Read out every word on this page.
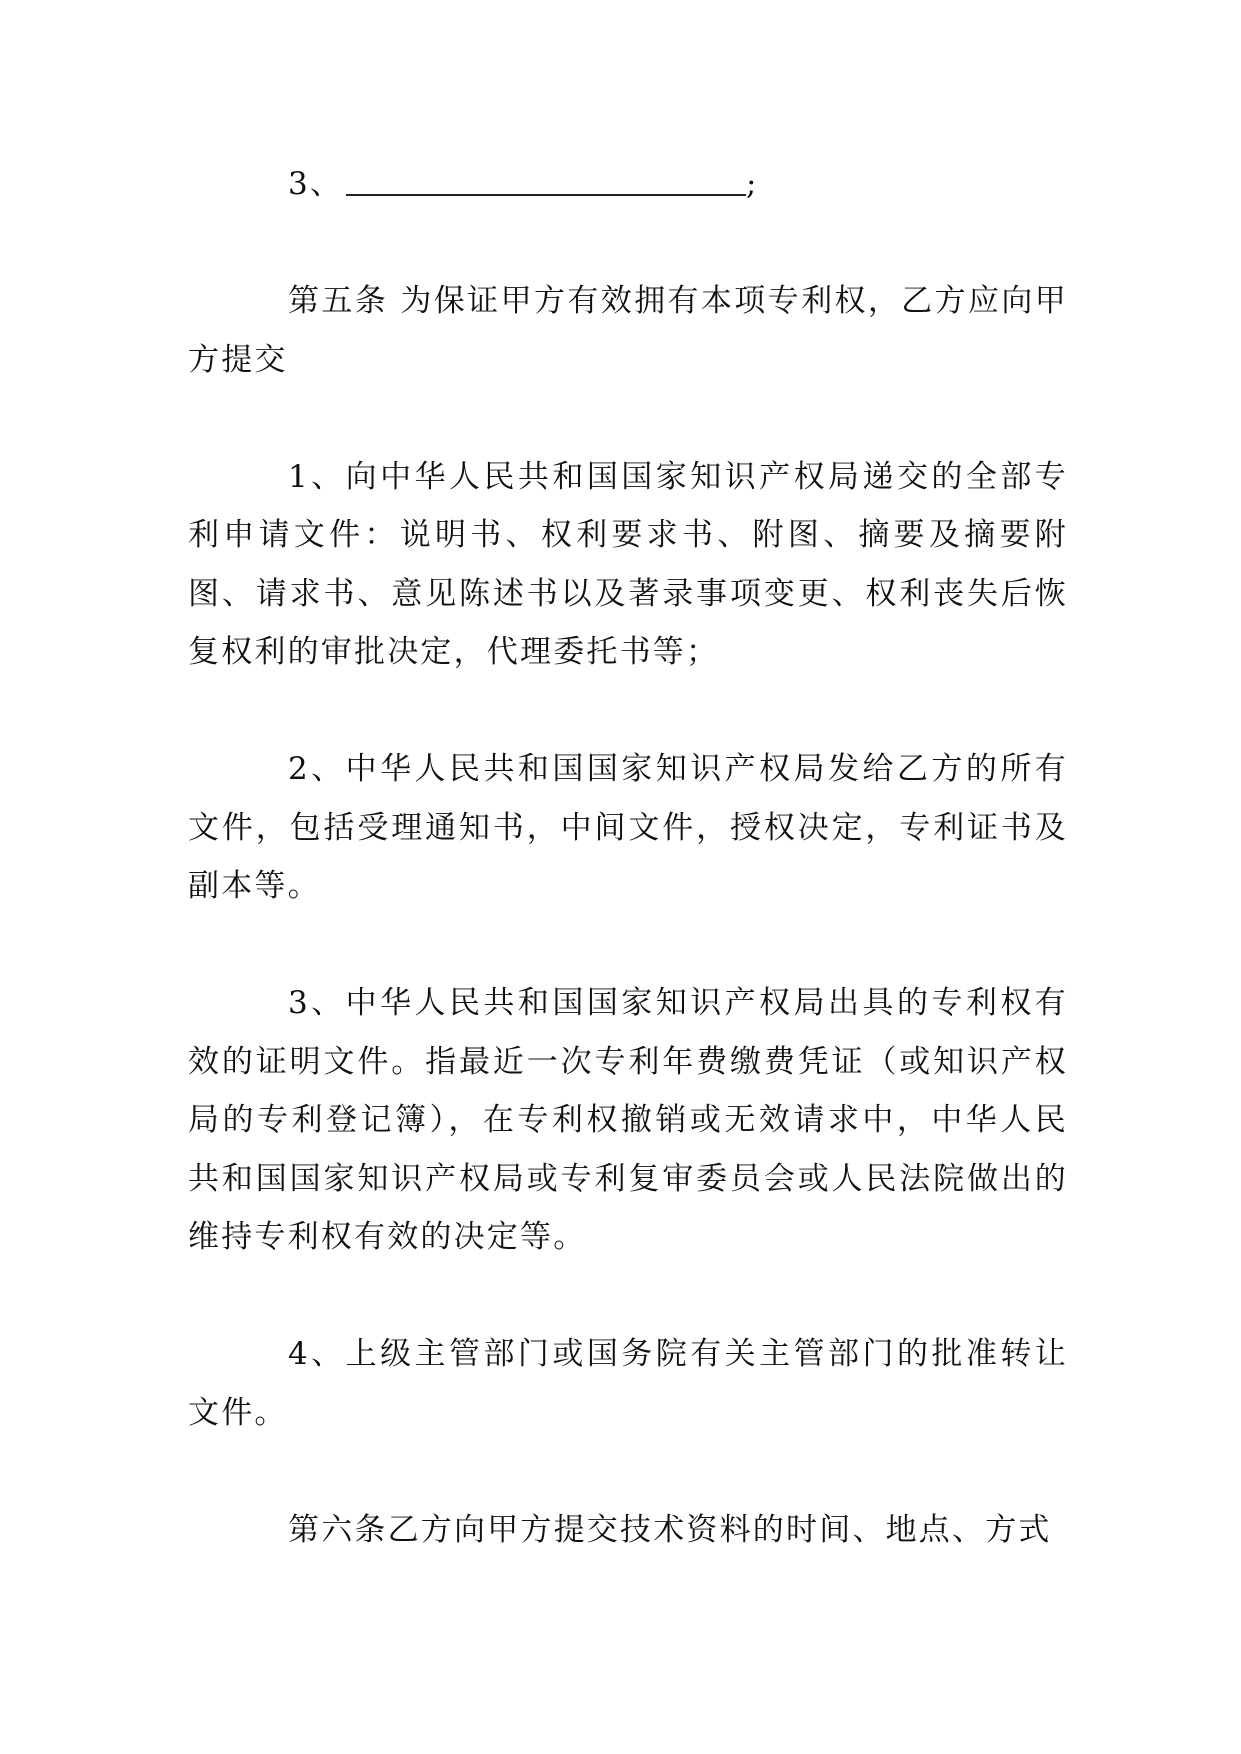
3、	;

第五条 为保证甲方有效拥有本项专利权，乙方应向甲方提交

1、向中华人民共和国国家知识产权局递交的全部专利申请文件：说明书、权利要求书、附图、摘要及摘要附图、请求书、意见陈述书以及著录事项变更、权利丧失后恢复权利的审批决定，代理委托书等；

2、中华人民共和国国家知识产权局发给乙方的所有文件，包括受理通知书，中间文件，授权决定，专利证书及副本等。

3、中华人民共和国国家知识产权局出具的专利权有效的证明文件。指最近一次专利年费缴费凭证（或知识产权局的专利登记簿），在专利权撤销或无效请求中，中华人民共和国国家知识产权局或专利复审委员会或人民法院做出的维持专利权有效的决定等。

4、上级主管部门或国务院有关主管部门的批准转让文件。

第六条乙方向甲方提交技术资料的时间、地点、方式
